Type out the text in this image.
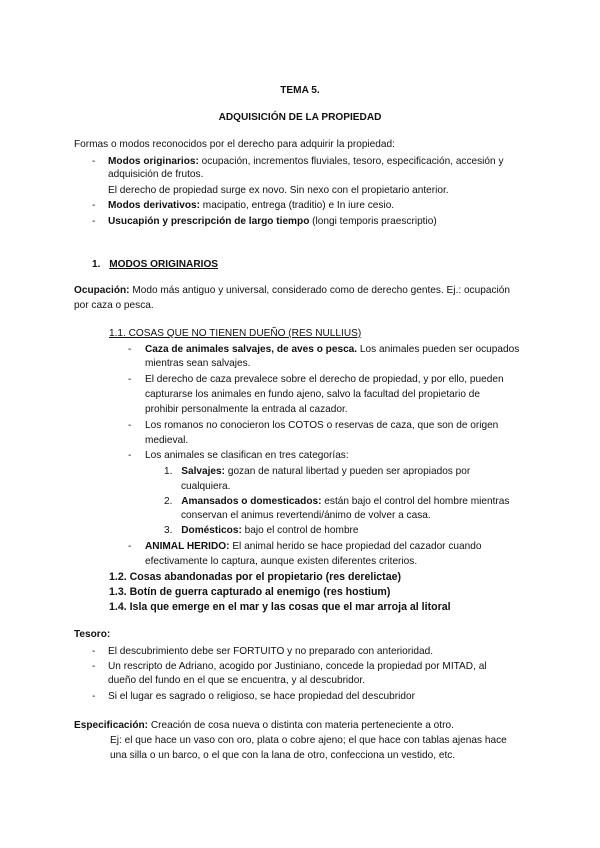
TEMA 5.
ADQUISICIÓN DE LA PROPIEDAD
Formas o modos reconocidos por el derecho para adquirir la propiedad:
- Modos originarios: ocupación, incrementos fluviales, tesoro, especificación, accesión y
adquisición de frutos.
El derecho de propiedad surge ex novo. Sin nexo con el propietario anterior.
- Modos derivativos: macipatio, entrega (traditio) e In iure cesio.
- Usucapión y prescripción de largo tiempo (longi temporis praescriptio)
1. MODOS ORIGINARIOS
Ocupación: Modo más antiguo y universal, considerado como de derecho gentes. Ej.: ocupación
por caza o pesca.
1.1. COSAS QUE NO TIENEN DUEÑO (RES NULLIUS)
- Caza de animales salvajes, de aves o pesca. Los animales pueden ser ocupados
mientras sean salvajes.
- El derecho de caza prevalece sobre el derecho de propiedad, y por ello, pueden
capturarse los animales en fundo ajeno, salvo la facultad del propietario de
prohibir personalmente la entrada al cazador.
- Los romanos no conocieron los COTOS o reservas de caza, que son de origen
medieval.
- Los animales se clasifican en tres categorías:
1. Salvajes: gozan de natural libertad y pueden ser apropiados por
cualquiera.
2. Amansados o domesticados: están bajo el control del hombre mientras
conservan el animus revertendi/ánimo de volver a casa.
3. Domésticos: bajo el control de hombre
- ANIMAL HERIDO: El animal herido se hace propiedad del cazador cuando
efectivamente lo captura, aunque existen diferentes criterios.
1.2. Cosas abandonadas por el propietario (res derelictae)
1.3. Botín de guerra capturado al enemigo (res hostium)
1.4. Isla que emerge en el mar y las cosas que el mar arroja al litoral
Tesoro:
- El descubrimiento debe ser FORTUITO y no preparado con anterioridad.
- Un rescripto de Adriano, acogido por Justiniano, concede la propiedad por MITAD, al
dueño del fundo en el que se encuentra, y al descubridor.
- Si el lugar es sagrado o religioso, se hace propiedad del descubridor
Especificación: Creación de cosa nueva o distinta con materia perteneciente a otro.
Ej: el que hace un vaso con oro, plata o cobre ajeno; el que hace con tablas ajenas hace
una silla o un barco, o el que con la lana de otro, confecciona un vestido, etc.
